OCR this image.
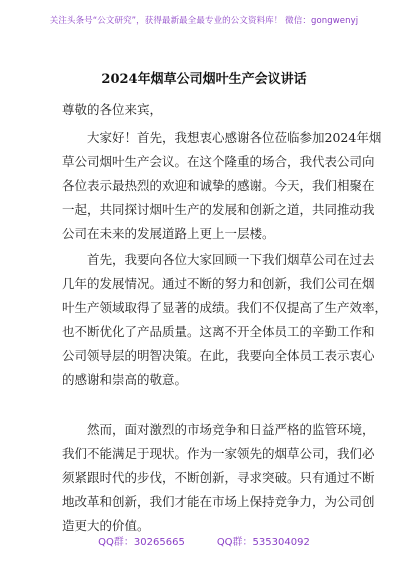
关注头条号“公文研究”，获得最新最全最专业的公文资料库！ 微信：gongwenyj
2024年烟草公司烟叶生产会议讲话
尊敬的各位来宾，
　　大家好！首先，我想衷心感谢各位莅临参加2024年烟
草公司烟叶生产会议。在这个隆重的场合，我代表公司向
各位表示最热烈的欢迎和诚挚的感谢。今天，我们相聚在
一起，共同探讨烟叶生产的发展和创新之道，共同推动我
公司在未来的发展道路上更上一层楼。
　　首先，我要向各位大家回顾一下我们烟草公司在过去
几年的发展情况。通过不断的努力和创新，我们公司在烟
叶生产领域取得了显著的成绩。我们不仅提高了生产效率，
也不断优化了产品质量。这离不开全体员工的辛勤工作和
公司领导层的明智决策。在此，我要向全体员工表示衷心
的感谢和崇高的敬意。
　　然而，面对激烈的市场竞争和日益严格的监管环境，
我们不能满足于现状。作为一家领先的烟草公司，我们必
须紧跟时代的步伐，不断创新，寻求突破。只有通过不断
地改革和创新，我们才能在市场上保持竞争力，为公司创
造更大的价值。
QQ群：30265665	QQ群：535304092
